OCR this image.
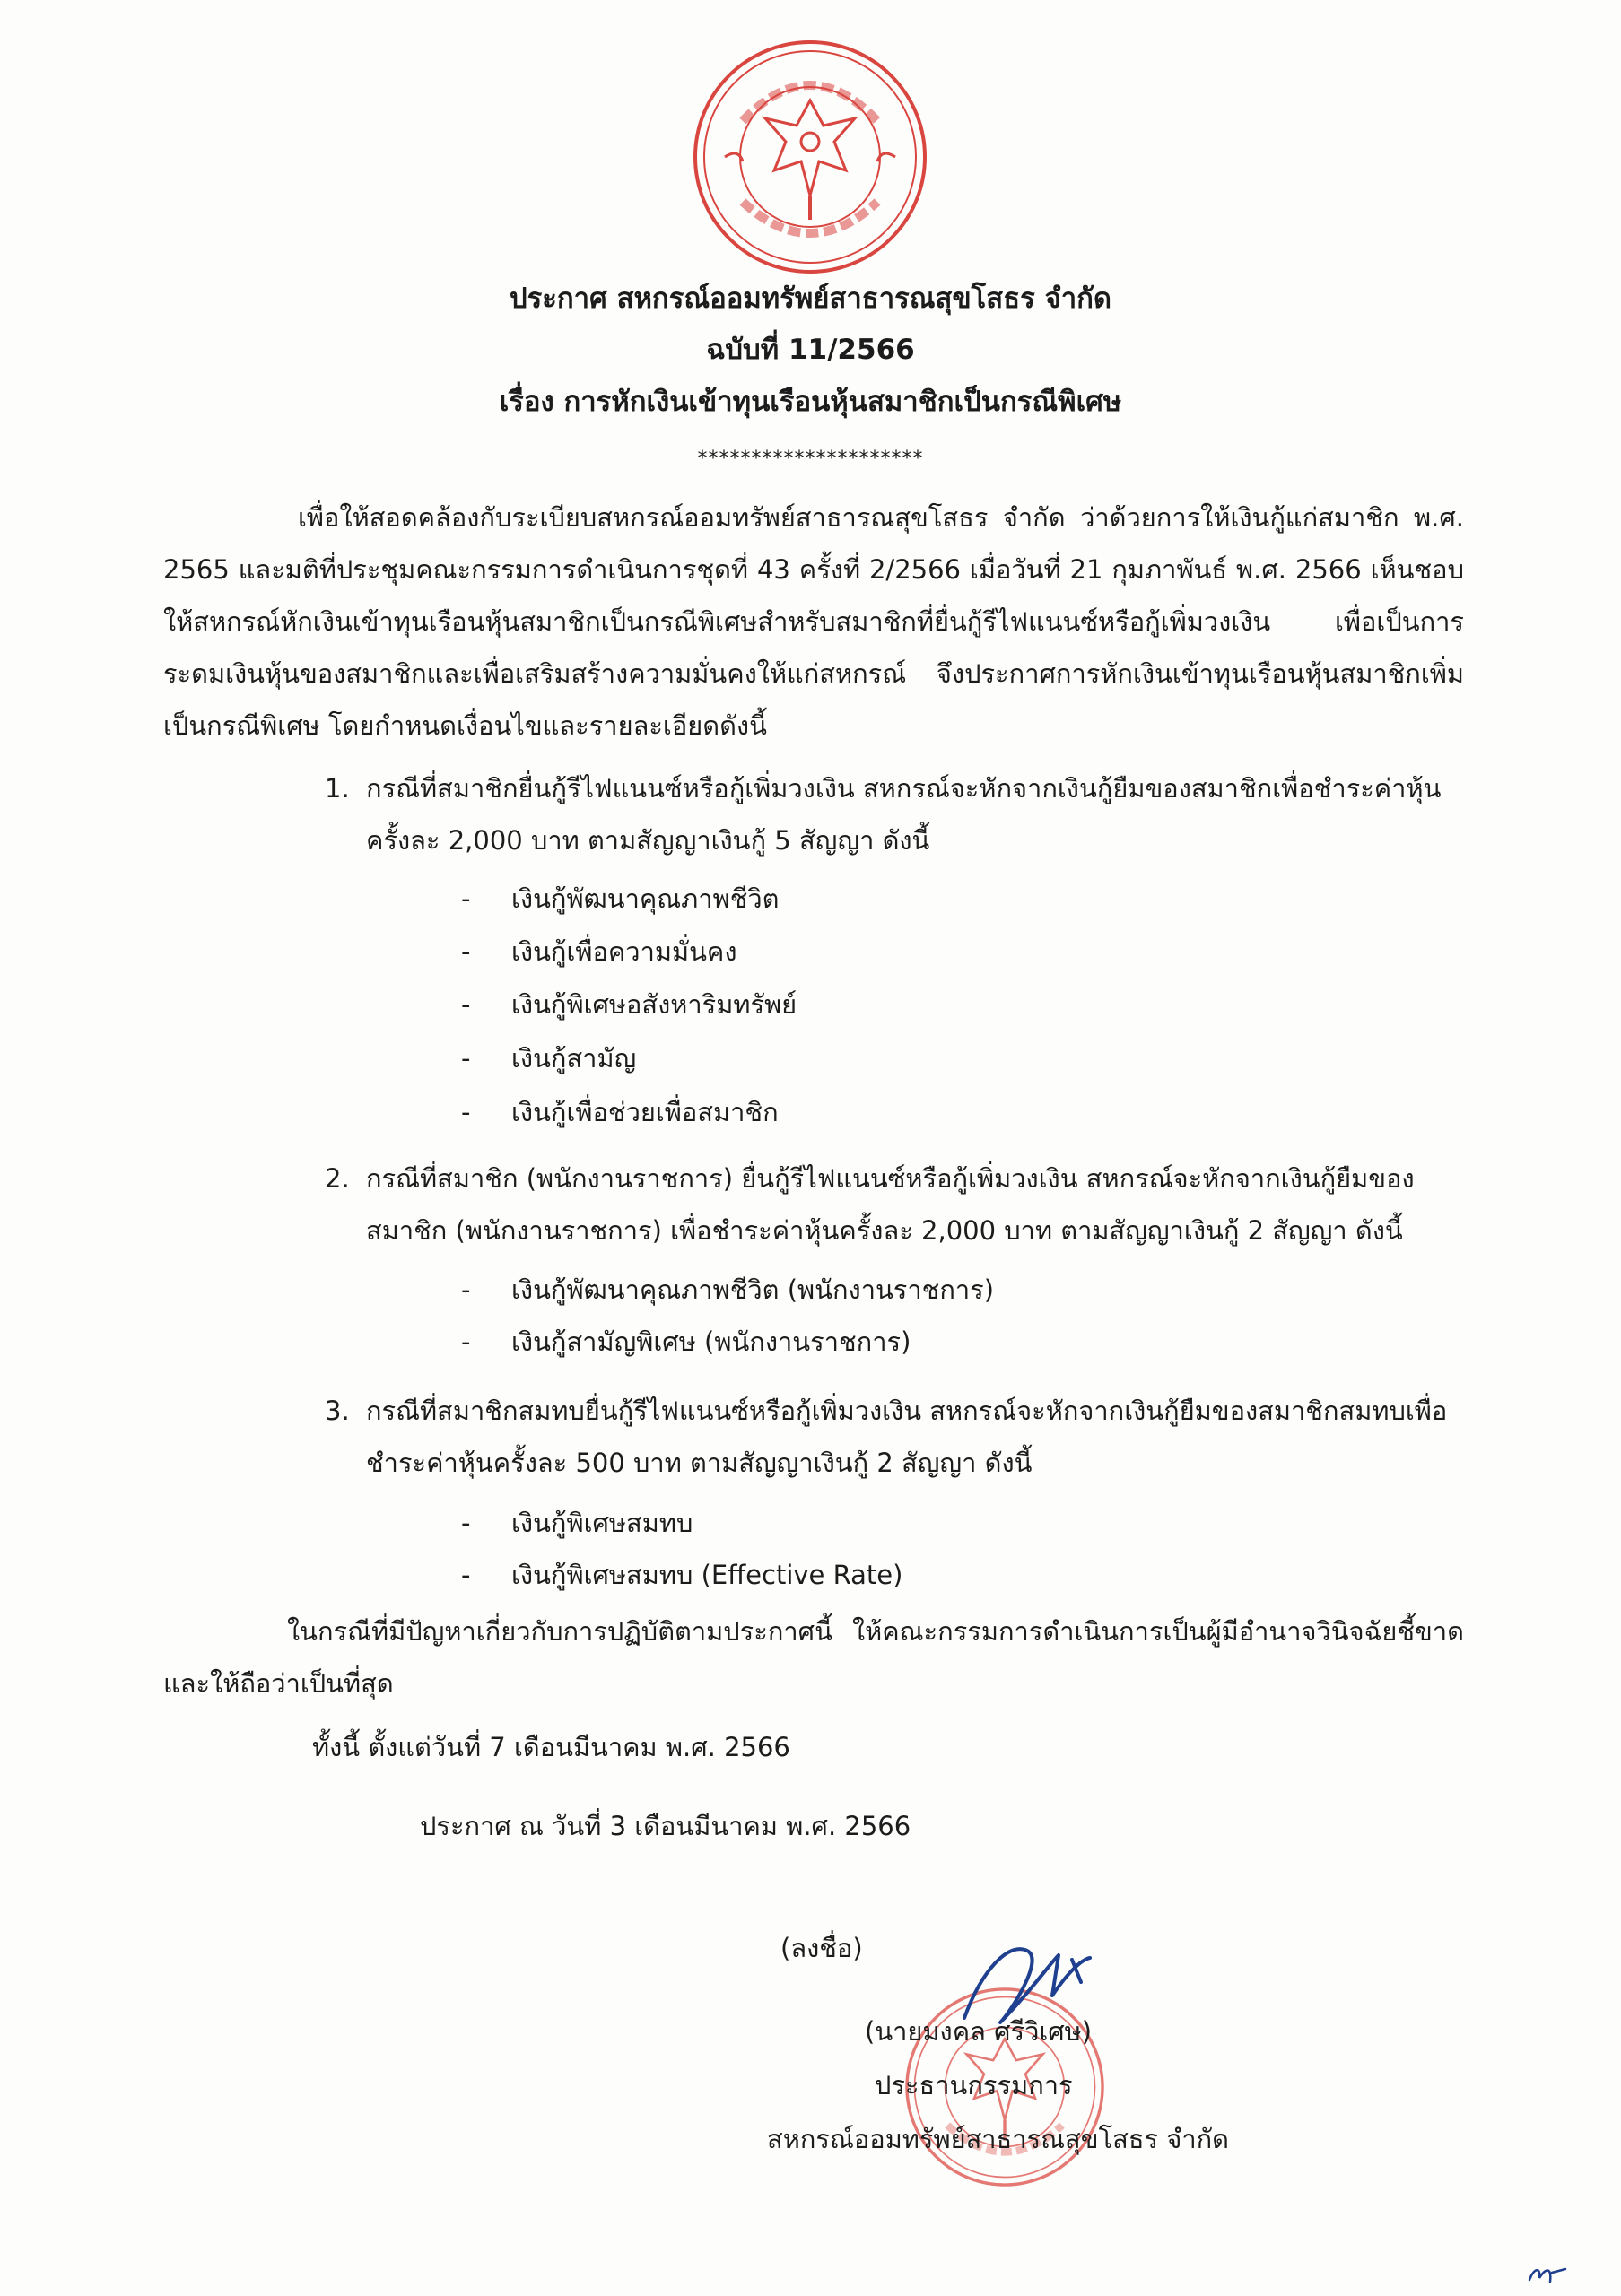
ประกาศ สหกรณ์ออมทรัพย์สาธารณสุขโสธร จำกัด
ฉบับที่ 11/2566
เรื่อง การหักเงินเข้าทุนเรือนหุ้นสมาชิกเป็นกรณีพิเศษ
*********************
เพื่อให้สอดคล้องกับระเบียบสหกรณ์ออมทรัพย์สาธารณสุขโสธร จำกัด ว่าด้วยการให้เงินกู้แก่สมาชิก พ.ศ. 2565 และมติที่ประชุมคณะกรรมการดำเนินการชุดที่ 43 ครั้งที่ 2/2566 เมื่อวันที่ 21 กุมภาพันธ์ พ.ศ. 2566 เห็นชอบให้สหกรณ์หักเงินเข้าทุนเรือนหุ้นสมาชิกเป็นกรณีพิเศษสำหรับสมาชิกที่ยื่นกู้รีไฟแนนซ์หรือกู้เพิ่มวงเงิน เพื่อเป็นการระดมเงินหุ้นของสมาชิกและเพื่อเสริมสร้างความมั่นคงให้แก่สหกรณ์ จึงประกาศการหักเงินเข้าทุนเรือนหุ้นสมาชิกเพิ่มเป็นกรณีพิเศษ โดยกำหนดเงื่อนไขและรายละเอียดดังนี้
1. กรณีที่สมาชิกยื่นกู้รีไฟแนนซ์หรือกู้เพิ่มวงเงิน สหกรณ์จะหักจากเงินกู้ยืมของสมาชิกเพื่อชำระค่าหุ้นครั้งละ 2,000 บาท ตามสัญญาเงินกู้ 5 สัญญา ดังนี้
- เงินกู้พัฒนาคุณภาพชีวิต
- เงินกู้เพื่อความมั่นคง
- เงินกู้พิเศษอสังหาริมทรัพย์
- เงินกู้สามัญ
- เงินกู้เพื่อช่วยเพื่อสมาชิก
2. กรณีที่สมาชิก (พนักงานราชการ) ยื่นกู้รีไฟแนนซ์หรือกู้เพิ่มวงเงิน สหกรณ์จะหักจากเงินกู้ยืมของสมาชิก (พนักงานราชการ) เพื่อชำระค่าหุ้นครั้งละ 2,000 บาท ตามสัญญาเงินกู้ 2 สัญญา ดังนี้
- เงินกู้พัฒนาคุณภาพชีวิต (พนักงานราชการ)
- เงินกู้สามัญพิเศษ (พนักงานราชการ)
3. กรณีที่สมาชิกสมทบยื่นกู้รีไฟแนนซ์หรือกู้เพิ่มวงเงิน สหกรณ์จะหักจากเงินกู้ยืมของสมาชิกสมทบเพื่อชำระค่าหุ้นครั้งละ 500 บาท ตามสัญญาเงินกู้ 2 สัญญา ดังนี้
- เงินกู้พิเศษสมทบ
- เงินกู้พิเศษสมทบ (Effective Rate)
ในกรณีที่มีปัญหาเกี่ยวกับการปฏิบัติตามประกาศนี้ ให้คณะกรรมการดำเนินการเป็นผู้มีอำนาจวินิจฉัยชี้ขาดและให้ถือว่าเป็นที่สุด
ทั้งนี้ ตั้งแต่วันที่ 7 เดือนมีนาคม พ.ศ. 2566
ประกาศ ณ วันที่ 3 เดือนมีนาคม พ.ศ. 2566
(ลงชื่อ)
(นายมงคล ศรีวิเศษ)
ประธานกรรมการ
สหกรณ์ออมทรัพย์สาธารณสุขโสธร จำกัด
